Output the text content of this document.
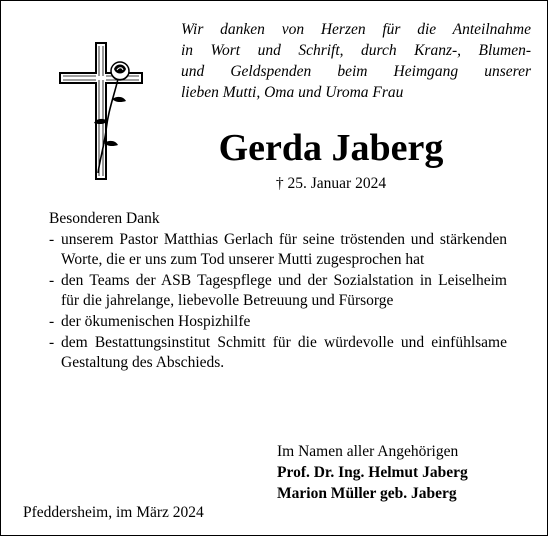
Wir danken von Herzen für die Anteilnahme
in Wort und Schrift, durch Kranz-, Blumen-
und Geldspenden beim Heimgang unserer
lieben Mutti, Oma und Uroma Frau
Gerda Jaberg
† 25. Januar 2024
Besonderen Dank
- unserem Pastor Matthias Gerlach für seine tröstenden und stärkenden Worte, die er uns zum Tod unserer Mutti zugesprochen hat
- den Teams der ASB Tagespflege und der Sozialstation in Leiselheim für die jahrelange, liebevolle Betreuung und Fürsorge
- der ökumenischen Hospizhilfe
- dem Bestattungsinstitut Schmitt für die würdevolle und einfühlsame Gestaltung des Abschieds.
Im Namen aller Angehörigen
Prof. Dr. Ing. Helmut Jaberg
Marion Müller geb. Jaberg
Pfeddersheim, im März 2024
